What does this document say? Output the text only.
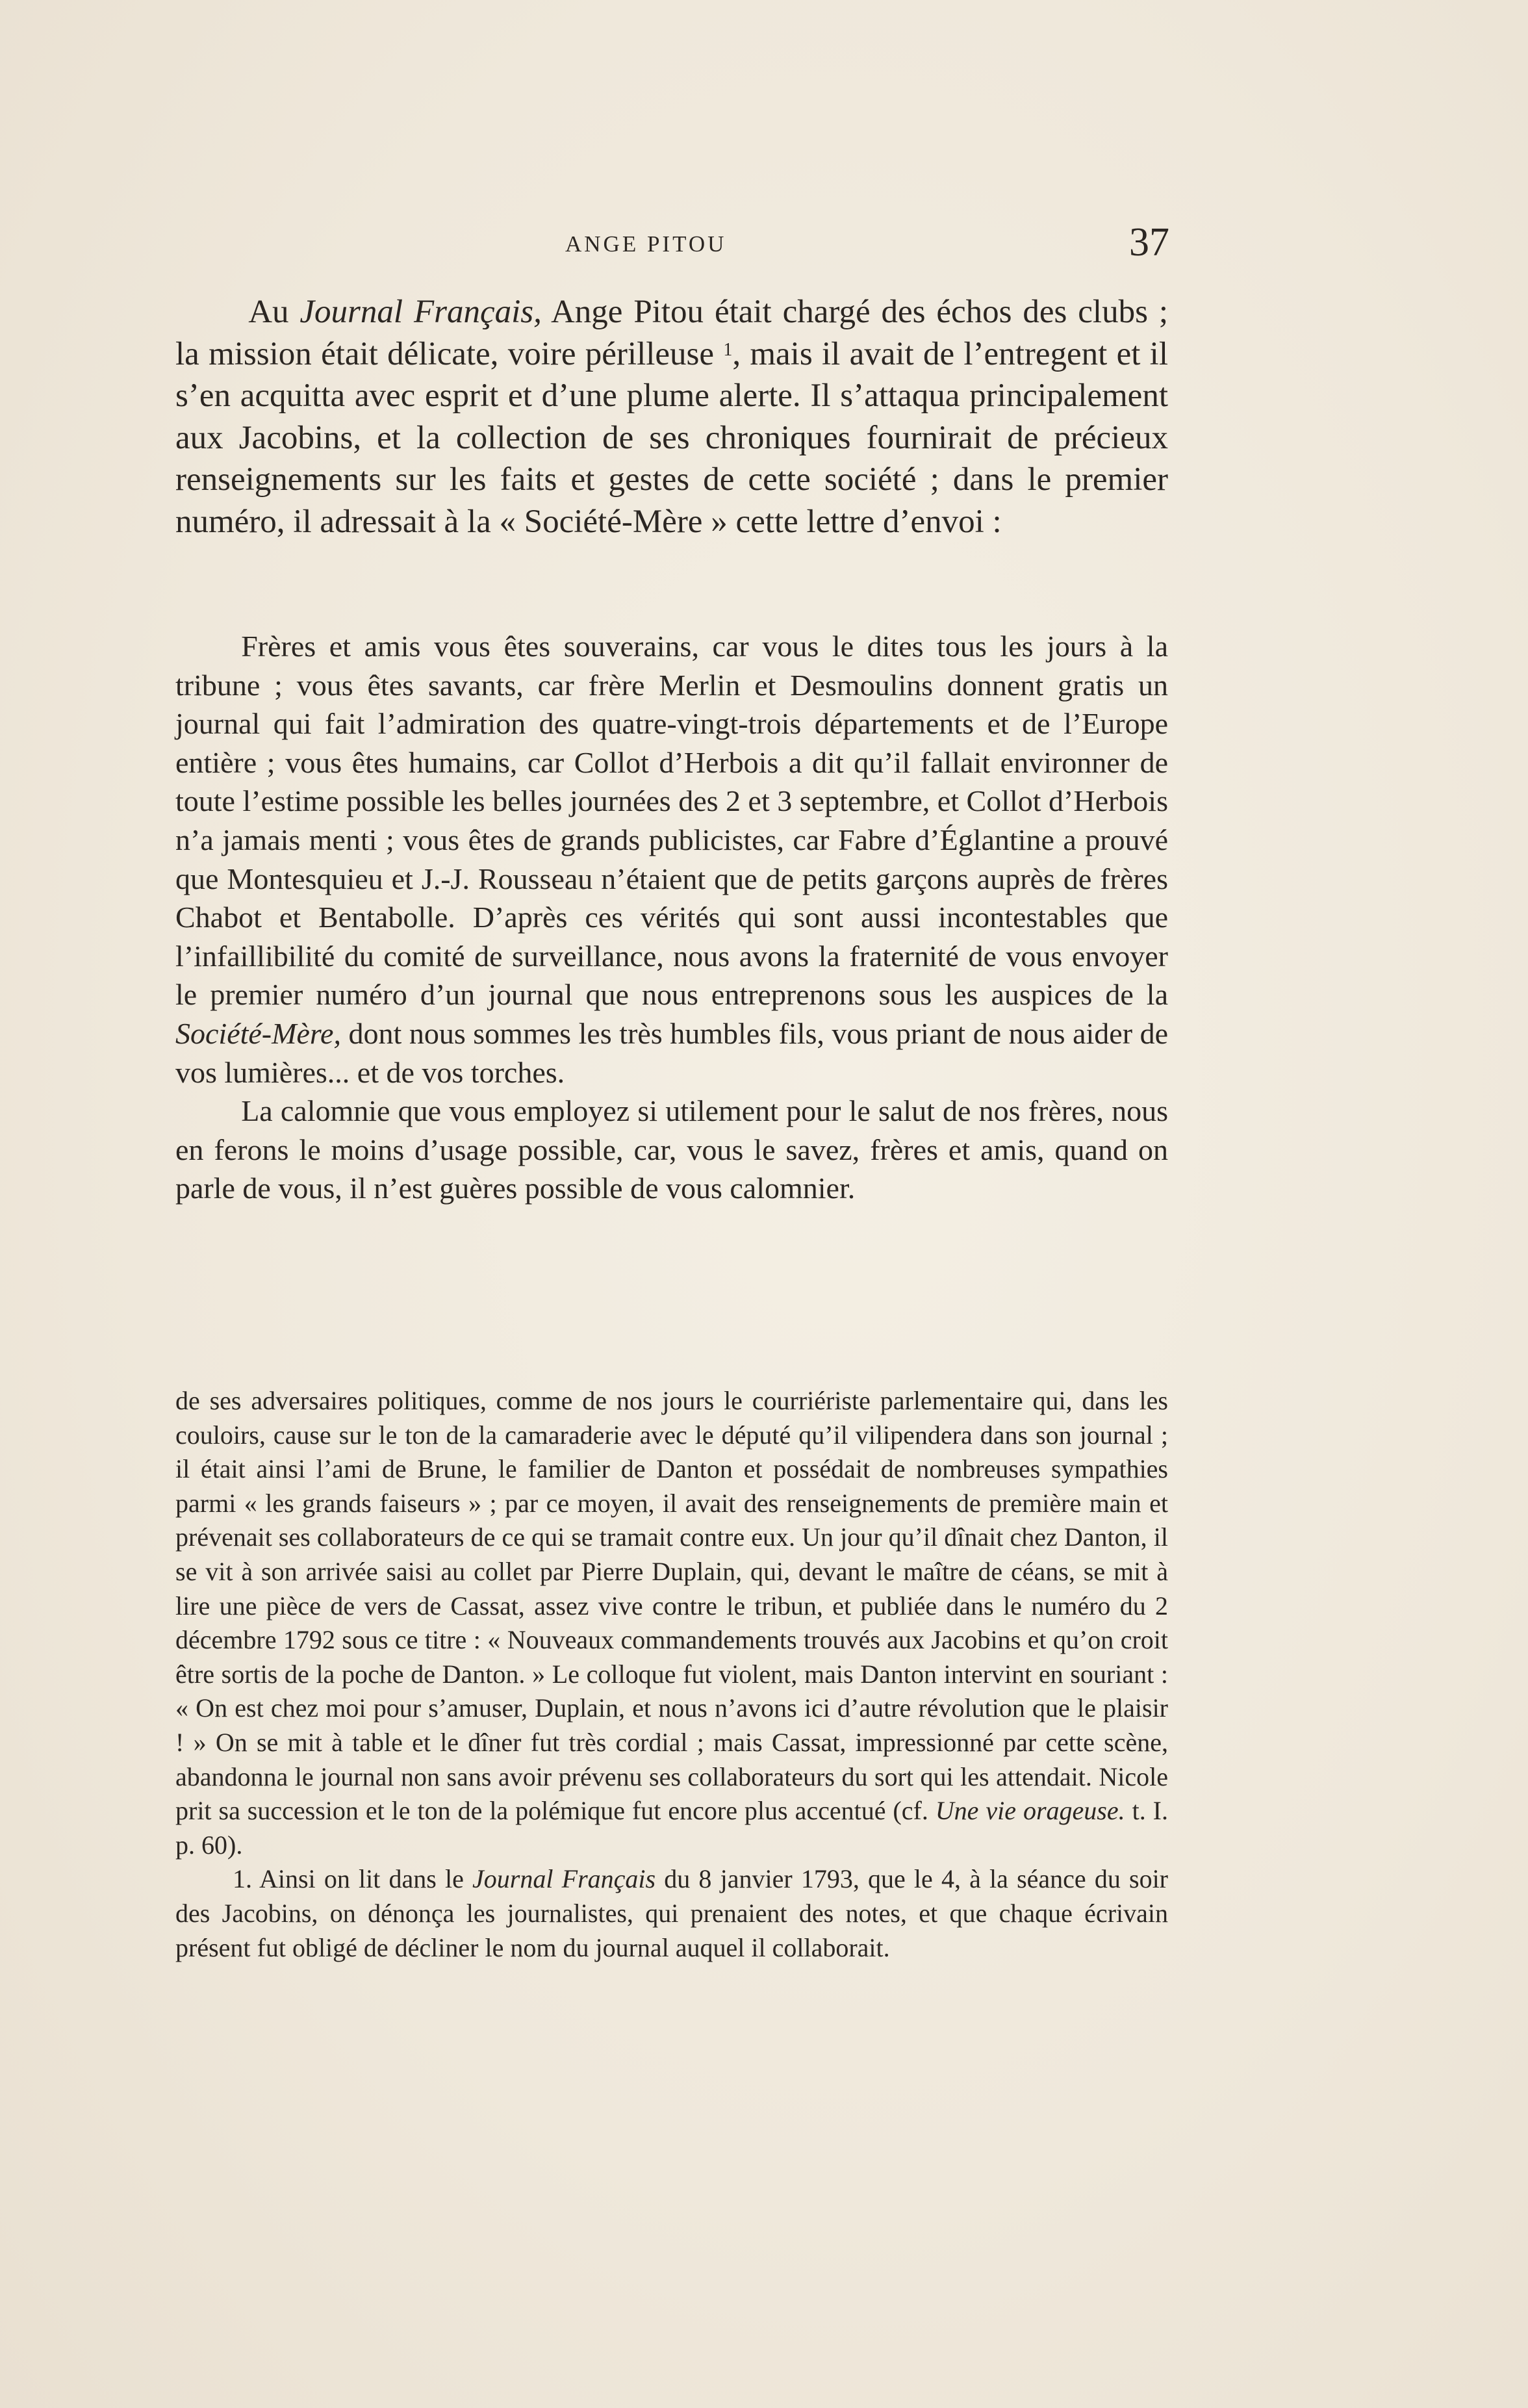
ANGE PITOU	37

Au Journal Français, Ange Pitou était chargé des échos des clubs ; la mission était délicate, voire périlleuse $^1$, mais il avait de l’entregent et il s’en acquitta avec esprit et d’une plume alerte. Il s’attaqua principalement aux Jacobins, et la collection de ses chroniques fournirait de précieux renseignements sur les faits et gestes de cette société ; dans le premier numéro, il adressait à la « Société-Mère » cette lettre d’envoi :

Frères et amis vous êtes souverains, car vous le dites tous les jours à la tribune ; vous êtes savants, car frère Merlin et Desmoulins donnent gratis un journal qui fait l’admiration des quatre-vingt-trois départements et de l’Europe entière ; vous êtes humains, car Collot d’Herbois a dit qu’il fallait environner de toute l’estime possible les belles journées des 2 et 3 septembre, et Collot d’Herbois n’a jamais menti ; vous êtes de grands publicistes, car Fabre d’Églantine a prouvé que Montesquieu et J.-J. Rousseau n’étaient que de petits garçons auprès de frères Chabot et Bentabolle. D’après ces vérités qui sont aussi incontestables que l’infaillibilité du comité de surveillance, nous avons la fraternité de vous envoyer le premier numéro d’un journal que nous entreprenons sous les auspices de la Société-Mère, dont nous sommes les très humbles fils, vous priant de nous aider de vos lumières... et de vos torches.

La calomnie que vous employez si utilement pour le salut de nos frères, nous en ferons le moins d’usage possible, car, vous le savez, frères et amis, quand on parle de vous, il n’est guères possible de vous calomnier.

de ses adversaires politiques, comme de nos jours le courriériste parlementaire qui, dans les couloirs, cause sur le ton de la camaraderie avec le député qu’il vilipendera dans son journal ; il était ainsi l’ami de Brune, le familier de Danton et possédait de nombreuses sympathies parmi « les grands faiseurs » ; par ce moyen, il avait des renseignements de première main et prévenait ses collaborateurs de ce qui se tramait contre eux. Un jour qu’il dînait chez Danton, il se vit à son arrivée saisi au collet par Pierre Duplain, qui, devant le maître de céans, se mit à lire une pièce de vers de Cassat, assez vive contre le tribun, et publiée dans le numéro du 2 décembre 1792 sous ce titre : « Nouveaux commandements trouvés aux Jacobins et qu’on croit être sortis de la poche de Danton. » Le colloque fut violent, mais Danton intervint en souriant : « On est chez moi pour s’amuser, Duplain, et nous n’avons ici d’autre révolution que le plaisir ! » On se mit à table et le dîner fut très cordial ; mais Cassat, impressionné par cette scène, abandonna le journal non sans avoir prévenu ses collaborateurs du sort qui les attendait. Nicole prit sa succession et le ton de la polémique fut encore plus accentué (cf. Une vie orageuse. t. I. p. 60).

1. Ainsi on lit dans le Journal Français du 8 janvier 1793, que le 4, à la séance du soir des Jacobins, on dénonça les journalistes, qui prenaient des notes, et que chaque écrivain présent fut obligé de décliner le nom du journal auquel il collaborait.
